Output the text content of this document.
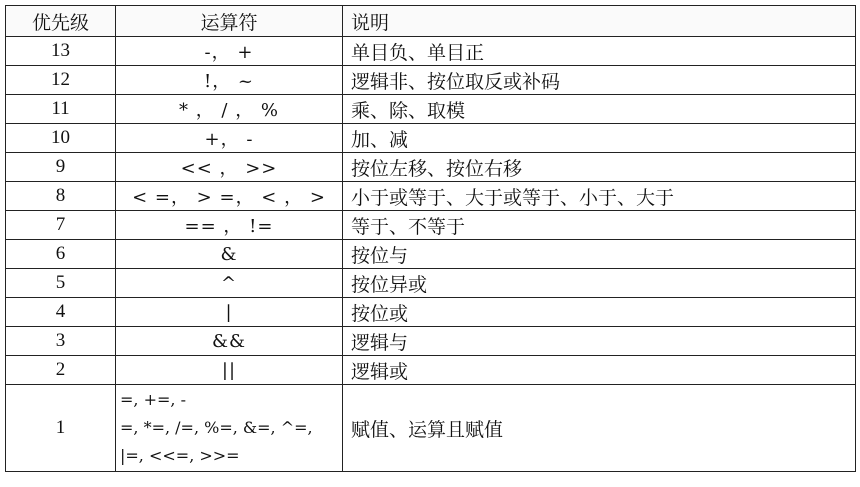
优先级	运算符	说明
13	-， +	单目负、单目正
12	!， ~	逻辑非、按位取反或补码
11	* ， / ， %	乘、除、取模
10	+， -	加、减
9	<< ， >>	按位左移、按位右移
8	< =， > =， < ， >	小于或等于、大于或等于、小于、大于
7	== ， !=	等于、不等于
6	&	按位与
5	^	按位异或
4	|	按位或
3	&&	逻辑与
2	||	逻辑或
1	=, +=, -
=, *=, /=, %=, &=, ^=,
|=, <<=, >>=	赋值、运算且赋值
